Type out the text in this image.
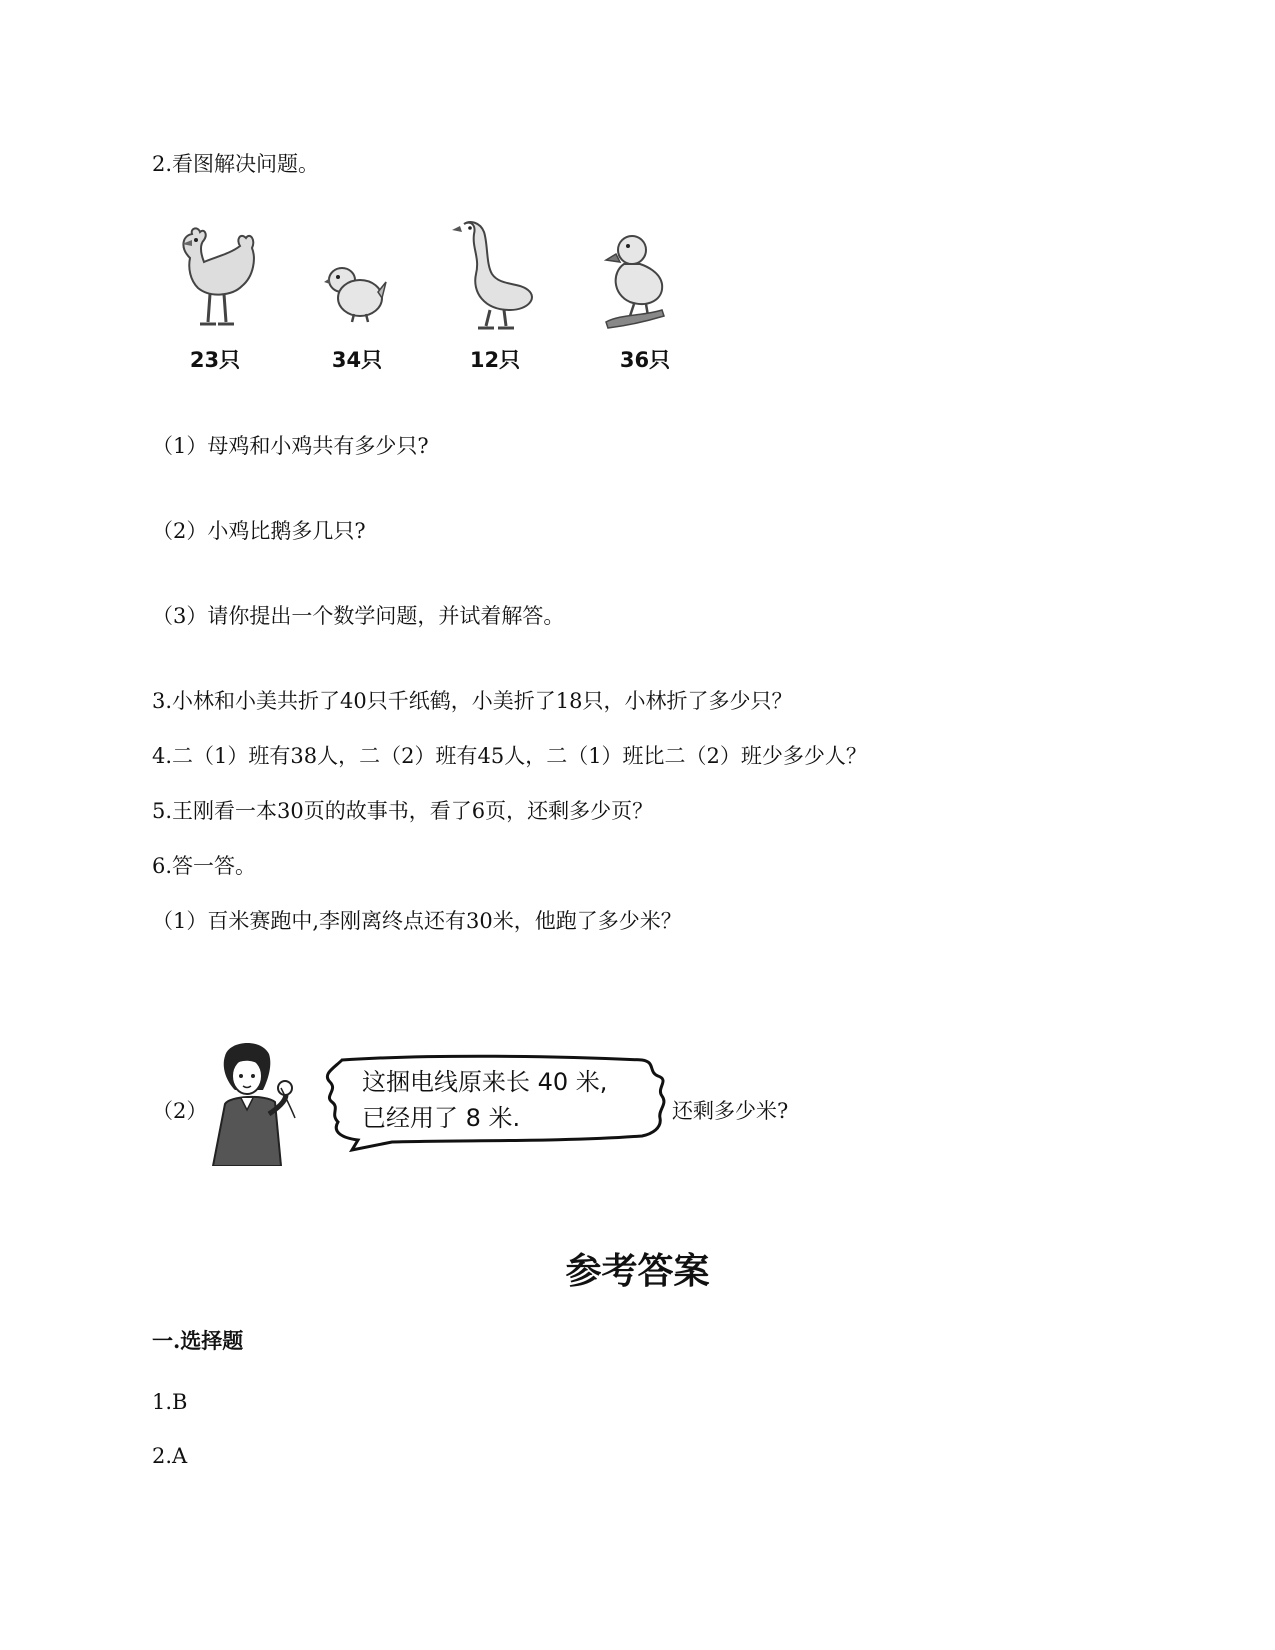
2.看图解决问题。
23只	34只	12只	36只
（1）母鸡和小鸡共有多少只?
（2）小鸡比鹅多几只?
（3）请你提出一个数学问题，并试着解答。
3.小林和小美共折了40只千纸鹤，小美折了18只，小林折了多少只？
4.二（1）班有38人，二（2）班有45人，二（1）班比二（2）班少多少人？
5.王刚看一本30页的故事书，看了6页，还剩多少页？
6.答一答。
（1）百米赛跑中,李刚离终点还有30米，他跑了多少米？
（2）
这捆电线原来长 40 米,
已经用了 8 米.	还剩多少米?
参考答案
一.选择题
1.B
2.A
